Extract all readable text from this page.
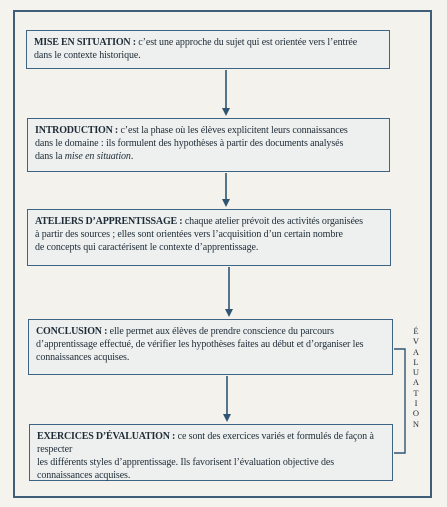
MISE EN SITUATION : c’est une approche du sujet qui est orientée vers l’entrée

dans le contexte historique.

INTRODUCTION : c’est la phase où les élèves explicitent leurs connaissances

dans le domaine : ils formulent des hypothèses à partir des documents analysés

dans la mise en situation.

ATELIERS D’APPRENTISSAGE : chaque atelier prévoit des activités organisées

à partir des sources ; elles sont orientées vers l’acquisition d’un certain nombre

de concepts qui caractérisent le contexte d’apprentissage.

CONCLUSION : elle permet aux élèves de prendre conscience du parcours

d’apprentissage effectué, de vérifier les hypothèses faites au début et d’organiser les

connaissances acquises.

EXERCICES D’ÉVALUATION : ce sont des exercices variés et formulés de façon à respecter

les différents styles d’apprentissage. Ils favorisent l’évaluation objective des

connaissances acquises.

É
V
A
L
U
A
T
I
O
N
